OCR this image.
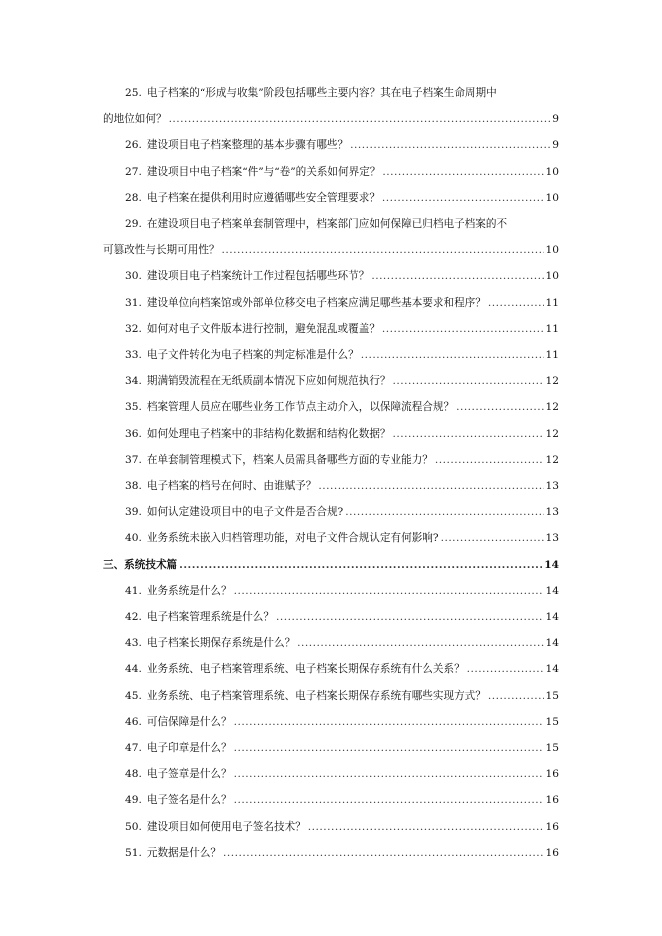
25. 电子档案的“形成与收集”阶段包括哪些主要内容？其在电子档案生命周期中
的地位如何？ .....	9
26. 建设项目电子档案整理的基本步骤有哪些？ .....	9
27. 建设项目中电子档案“件”与“卷”的关系如何界定？ .....	10
28. 电子档案在提供利用时应遵循哪些安全管理要求？ .....	10
29. 在建设项目电子档案单套制管理中，档案部门应如何保障已归档电子档案的不
可篡改性与长期可用性？ .....	10
30. 建设项目电子档案统计工作过程包括哪些环节？ .....	10
31. 建设单位向档案馆或外部单位移交电子档案应满足哪些基本要求和程序？ .....	11
32. 如何对电子文件版本进行控制，避免混乱或覆盖？ .....	11
33. 电子文件转化为电子档案的判定标准是什么？ .....	11
34. 期满销毁流程在无纸质副本情况下应如何规范执行？ .....	12
35. 档案管理人员应在哪些业务工作节点主动介入，以保障流程合规？ .....	12
36. 如何处理电子档案中的非结构化数据和结构化数据？ .....	12
37. 在单套制管理模式下，档案人员需具备哪些方面的专业能力？ .....	12
38. 电子档案的档号在何时、由谁赋予？ .....	13
39. 如何认定建设项目中的电子文件是否合规? .....	13
40. 业务系统未嵌入归档管理功能，对电子文件合规认定有何影响? .....	13
三、系统技术篇 .....	14
41. 业务系统是什么？ .....	14
42. 电子档案管理系统是什么？ .....	14
43. 电子档案长期保存系统是什么？ .....	14
44. 业务系统、电子档案管理系统、电子档案长期保存系统有什么关系？ .....	14
45. 业务系统、电子档案管理系统、电子档案长期保存系统有哪些实现方式？ .....	15
46. 可信保障是什么？ .....	15
47. 电子印章是什么？ .....	15
48. 电子签章是什么？ .....	16
49. 电子签名是什么？ .....	16
50. 建设项目如何使用电子签名技术？ .....	16
51. 元数据是什么？ .....	16
